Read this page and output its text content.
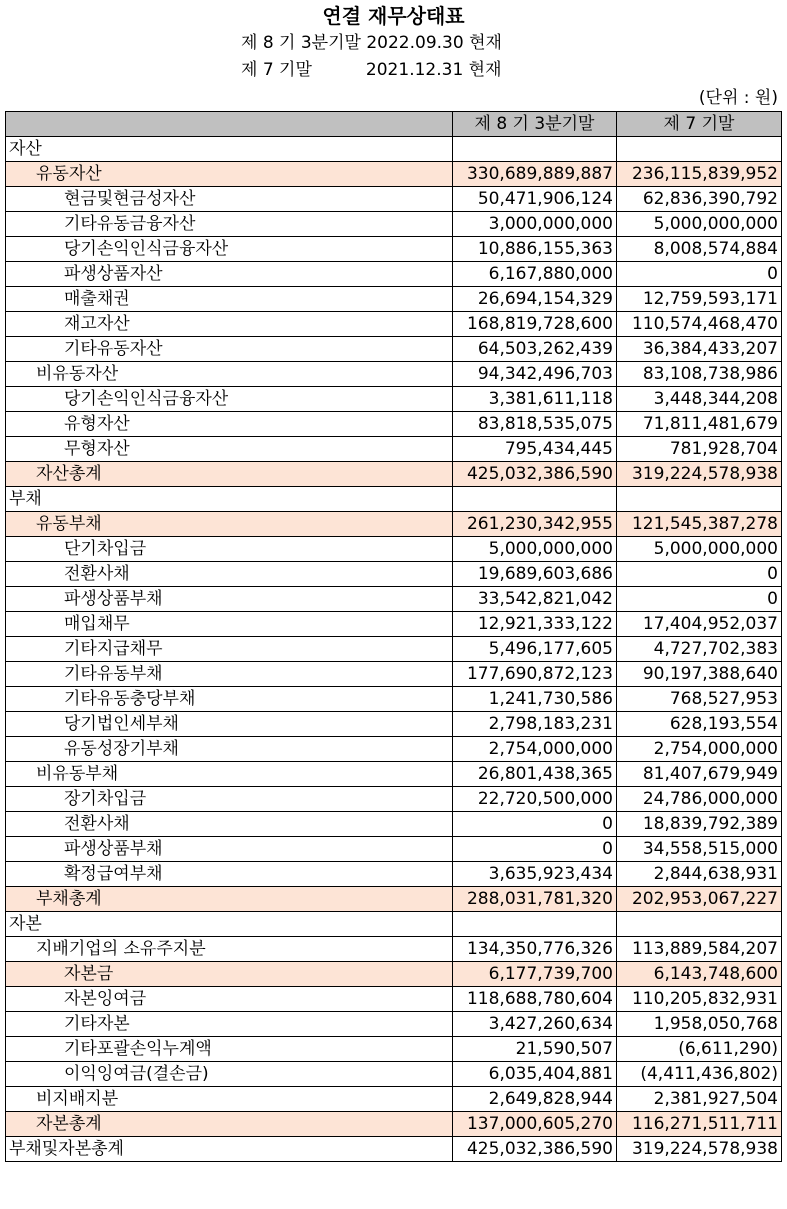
연결 재무상태표
제 8 기 3분기말 2022.09.30 현재
제 7 기말          2021.12.31 현재
(단위 : 원)
	제 8 기 3분기말	제 7 기말
자산		
유동자산	330,689,889,887	236,115,839,952
현금및현금성자산	50,471,906,124	62,836,390,792
기타유동금융자산	3,000,000,000	5,000,000,000
당기손익인식금융자산	10,886,155,363	8,008,574,884
파생상품자산	6,167,880,000	0
매출채권	26,694,154,329	12,759,593,171
재고자산	168,819,728,600	110,574,468,470
기타유동자산	64,503,262,439	36,384,433,207
비유동자산	94,342,496,703	83,108,738,986
당기손익인식금융자산	3,381,611,118	3,448,344,208
유형자산	83,818,535,075	71,811,481,679
무형자산	795,434,445	781,928,704
자산총계	425,032,386,590	319,224,578,938
부채		
유동부채	261,230,342,955	121,545,387,278
단기차입금	5,000,000,000	5,000,000,000
전환사채	19,689,603,686	0
파생상품부채	33,542,821,042	0
매입채무	12,921,333,122	17,404,952,037
기타지급채무	5,496,177,605	4,727,702,383
기타유동부채	177,690,872,123	90,197,388,640
기타유동충당부채	1,241,730,586	768,527,953
당기법인세부채	2,798,183,231	628,193,554
유동성장기부채	2,754,000,000	2,754,000,000
비유동부채	26,801,438,365	81,407,679,949
장기차입금	22,720,500,000	24,786,000,000
전환사채	0	18,839,792,389
파생상품부채	0	34,558,515,000
확정급여부채	3,635,923,434	2,844,638,931
부채총계	288,031,781,320	202,953,067,227
자본		
지배기업의 소유주지분	134,350,776,326	113,889,584,207
자본금	6,177,739,700	6,143,748,600
자본잉여금	118,688,780,604	110,205,832,931
기타자본	3,427,260,634	1,958,050,768
기타포괄손익누계액	21,590,507	(6,611,290)
이익잉여금(결손금)	6,035,404,881	(4,411,436,802)
비지배지분	2,649,828,944	2,381,927,504
자본총계	137,000,605,270	116,271,511,711
부채및자본총계	425,032,386,590	319,224,578,938
